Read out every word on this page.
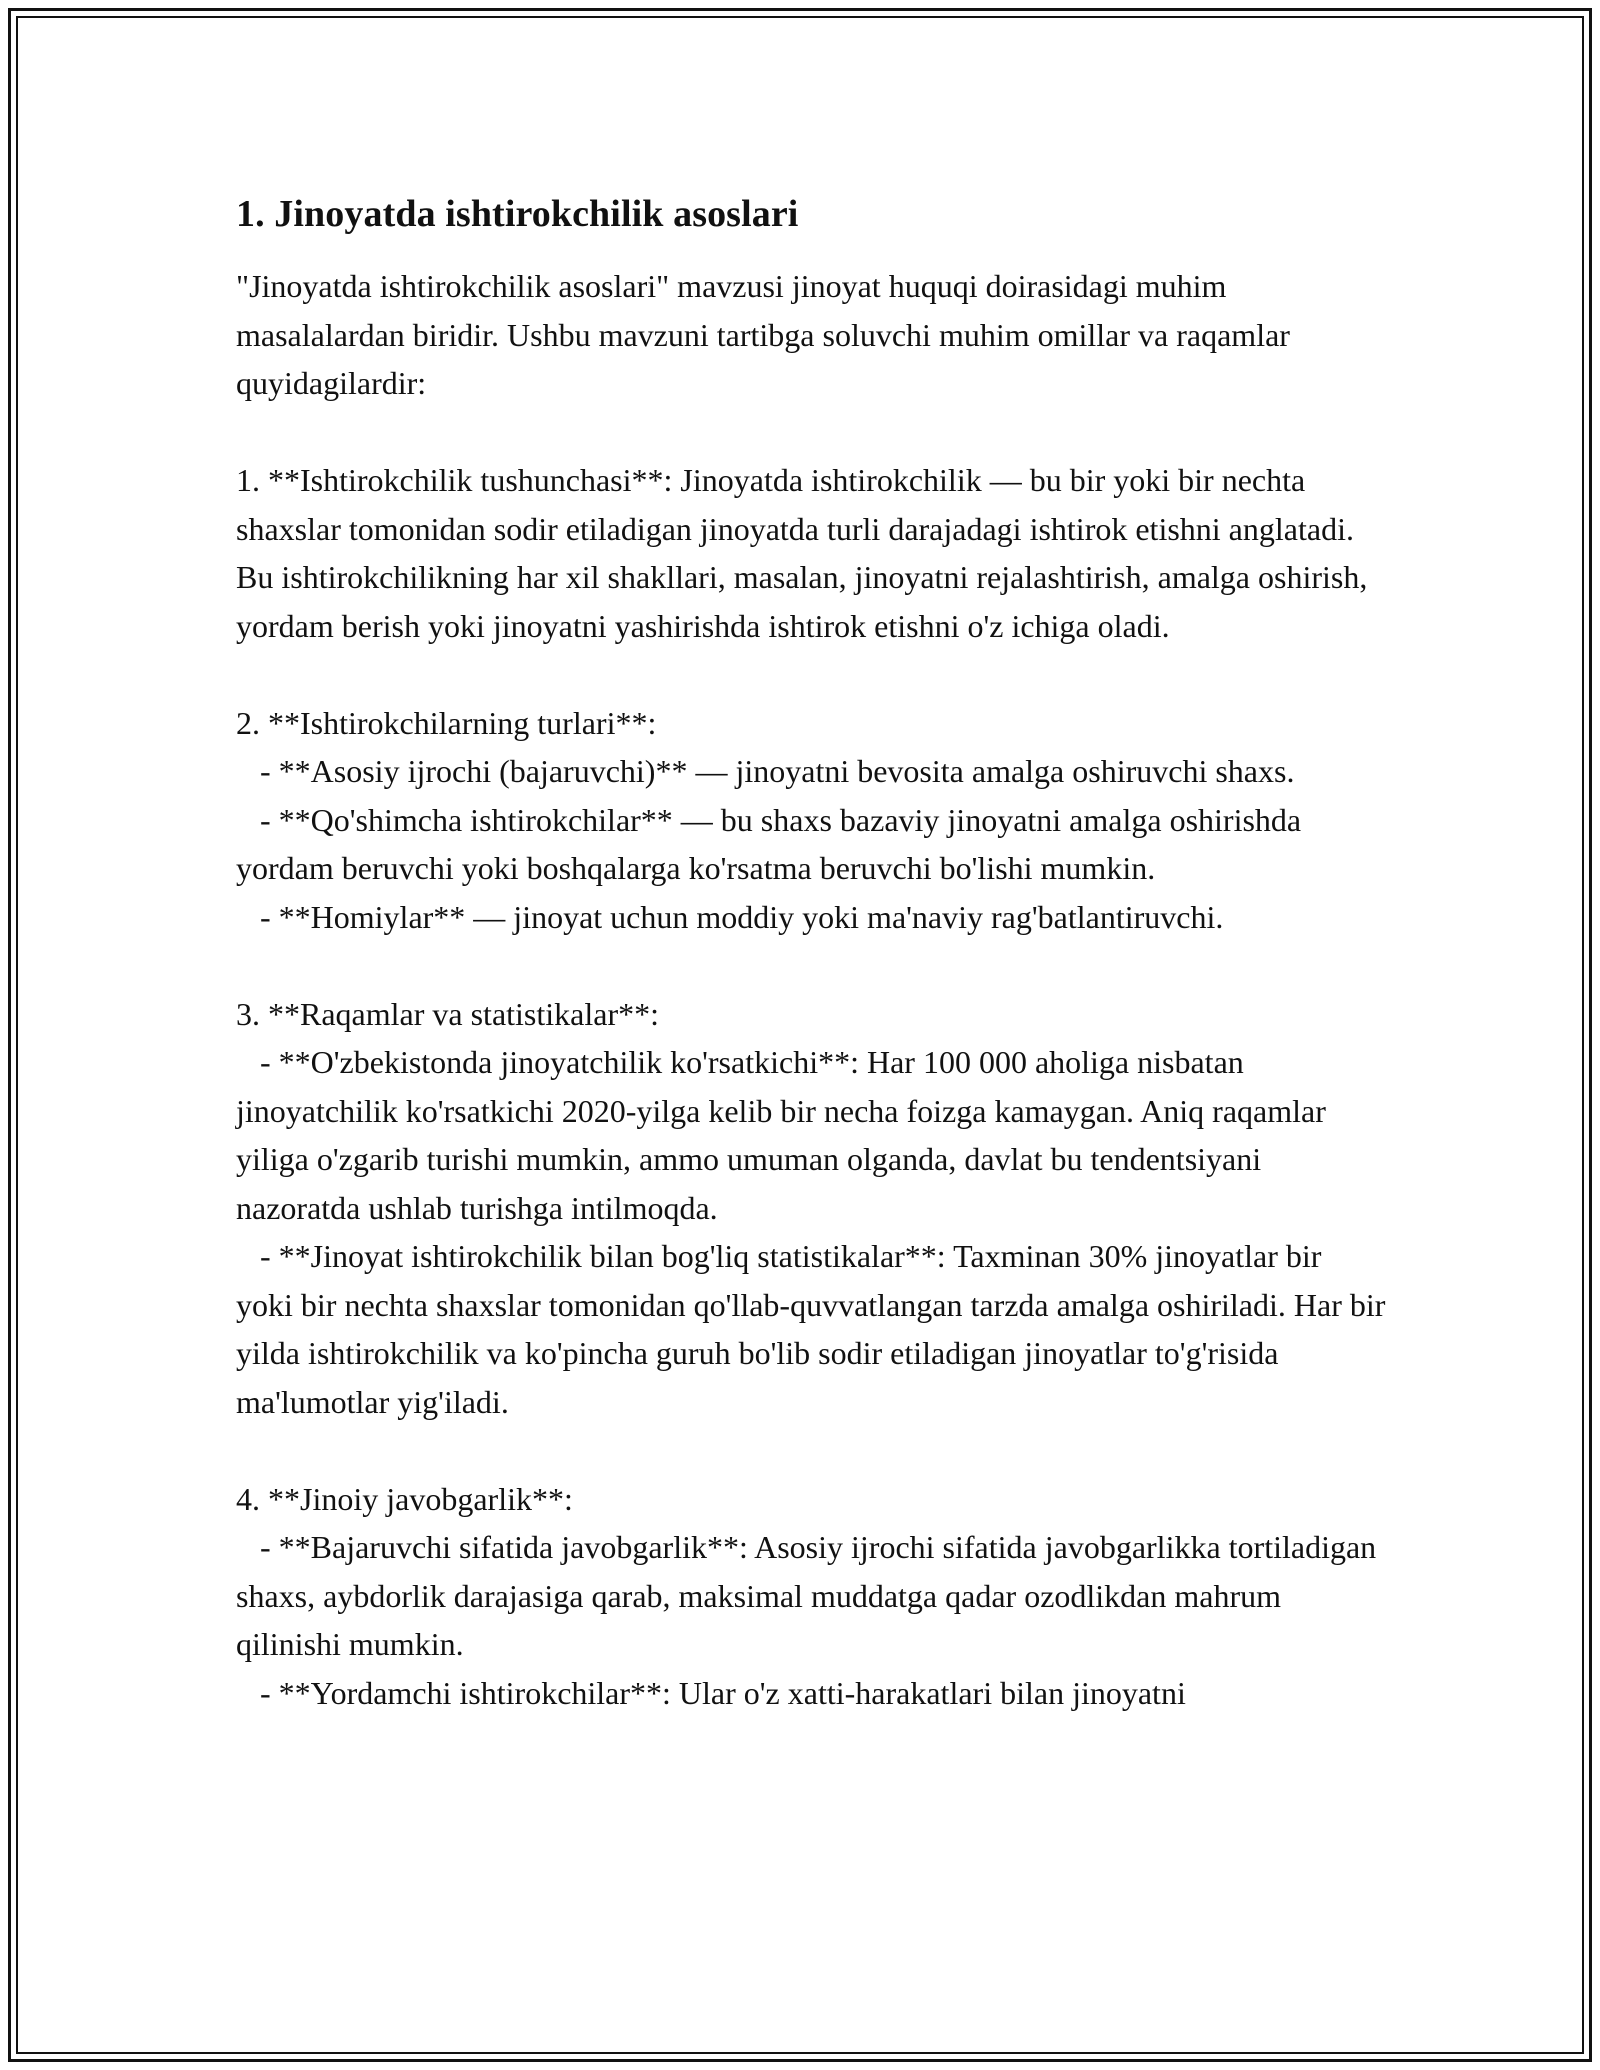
1. Jinoyatda ishtirokchilik asoslari

"Jinoyatda ishtirokchilik asoslari" mavzusi jinoyat huquqi doirasidagi muhim masalalardan biridir. Ushbu mavzuni tartibga soluvchi muhim omillar va raqamlar quyidagilardir:

1. **Ishtirokchilik tushunchasi**: Jinoyatda ishtirokchilik — bu bir yoki bir nechta shaxslar tomonidan sodir etiladigan jinoyatda turli darajadagi ishtirok etishni anglatadi. Bu ishtirokchilikning har xil shakllari, masalan, jinoyatni rejalashtirish, amalga oshirish, yordam berish yoki jinoyatni yashirishda ishtirok etishni o'z ichiga oladi.

2. **Ishtirokchilarning turlari**:

- **Asosiy ijrochi (bajaruvchi)** — jinoyatni bevosita amalga oshiruvchi shaxs.

- **Qo'shimcha ishtirokchilar** — bu shaxs bazaviy jinoyatni amalga oshirishda yordam beruvchi yoki boshqalarga ko'rsatma beruvchi bo'lishi mumkin.

- **Homiylar** — jinoyat uchun moddiy yoki ma'naviy rag'batlantiruvchi.

3. **Raqamlar va statistikalar**:

- **O'zbekistonda jinoyatchilik ko'rsatkichi**: Har 100 000 aholiga nisbatan jinoyatchilik ko'rsatkichi 2020-yilga kelib bir necha foizga kamaygan. Aniq raqamlar yiliga o'zgarib turishi mumkin, ammo umuman olganda, davlat bu tendentsiyani nazoratda ushlab turishga intilmoqda.

- **Jinoyat ishtirokchilik bilan bog'liq statistikalar**: Taxminan 30% jinoyatlar bir yoki bir nechta shaxslar tomonidan qo'llab-quvvatlangan tarzda amalga oshiriladi. Har bir yilda ishtirokchilik va ko'pincha guruh bo'lib sodir etiladigan jinoyatlar to'g'risida ma'lumotlar yig'iladi.

4. **Jinoiy javobgarlik**:

- **Bajaruvchi sifatida javobgarlik**: Asosiy ijrochi sifatida javobgarlikka tortiladigan shaxs, aybdorlik darajasiga qarab, maksimal muddatga qadar ozodlikdan mahrum qilinishi mumkin.

- **Yordamchi ishtirokchilar**: Ular o'z xatti-harakatlari bilan jinoyatni
